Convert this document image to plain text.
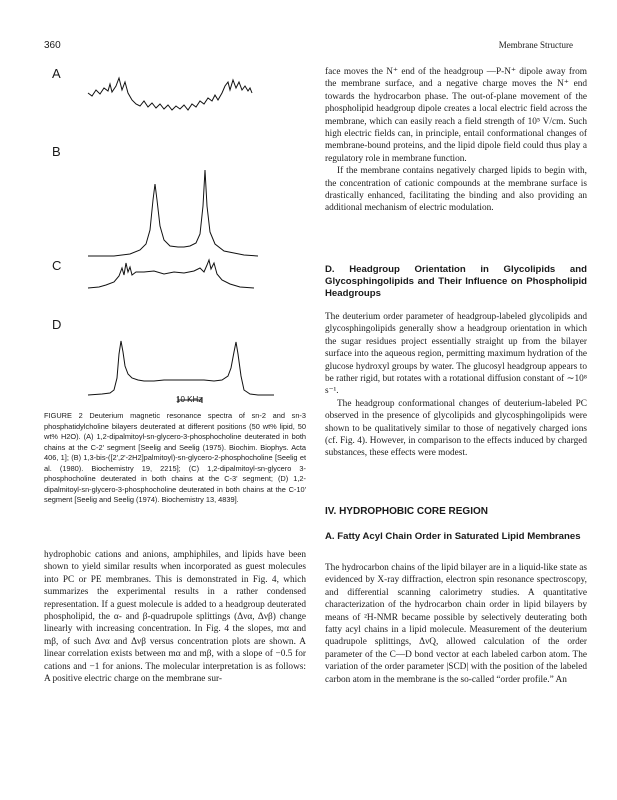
360	Membrane Structure
A
B
C
D
10 KHz

FIGURE 2 Deuterium magnetic resonance spectra of sn-2 and sn-3 phosphatidylcholine bilayers deuterated at different positions (50 wt% lipid, 50 wt% H2O). (A) 1,2-dipalmitoyl-sn-glycero-3-phosphocholine deuterated in both chains at the C-2' segment [Seelig and Seelig (1975). Biochim. Biophys. Acta 406, 1]; (B) 1,3-bis-([2',2'-2H2]palmitoyl)-sn-glycero-2-phosphocholine [Seelig et al. (1980). Biochemistry 19, 2215]; (C) 1,2-dipalmitoyl-sn-glycero 3-phosphocholine deuterated in both chains at the C-3' segment; (D) 1,2-dipalmitoyl-sn-glycero-3-phosphocholine deuterated in both chains at the C-10' segment [Seelig and Seelig (1974). Biochemistry 13, 4839].

hydrophobic cations and anions, amphiphiles, and lipids have been shown to yield similar results when incorporated as guest molecules into PC or PE membranes. This is demonstrated in Fig. 4, which summarizes the experimental results in a rather condensed representation. If a guest molecule is added to a headgroup deuterated phospholipid, the α- and β-quadrupole splittings (Δνα, Δνβ) change linearly with increasing concentration. In Fig. 4 the slopes, mα and mβ, of such Δνα and Δνβ versus concentration plots are shown. A linear correlation exists between mα and mβ, with a slope of −0.5 for cations and −1 for anions. The molecular interpretation is as follows: A positive electric charge on the membrane sur-

face moves the N⁺ end of the headgroup —P-N⁺ dipole away from the membrane surface, and a negative charge moves the N⁺ end towards the hydrocarbon phase. The out-of-plane movement of the phospholipid headgroup dipole creates a local electric field across the membrane, which can easily reach a field strength of 10⁵ V/cm. Such high electric fields can, in principle, entail conformational changes of membrane-bound proteins, and the lipid dipole field could thus play a regulatory role in membrane function.

If the membrane contains negatively charged lipids to begin with, the concentration of cationic compounds at the membrane surface is drastically enhanced, facilitating the binding and also providing an additional mechanism of electric modulation.

D. Headgroup Orientation in Glycolipids and Glycosphingolipids and Their Influence on Phospholipid Headgroups

The deuterium order parameter of headgroup-labeled glycolipids and glycosphingolipids generally show a headgroup orientation in which the sugar residues project essentially straight up from the bilayer surface into the aqueous region, permitting maximum hydration of the glucose hydroxyl groups by water. The glucosyl headgroup appears to be rather rigid, but rotates with a rotational diffusion constant of ∼10⁸ s⁻¹.

The headgroup conformational changes of deuterium-labeled PC observed in the presence of glycolipids and glycosphingolipids were shown to be qualitatively similar to those of negatively charged ions (cf. Fig. 4). However, in comparison to the effects induced by charged substances, these effects were modest.

IV. HYDROPHOBIC CORE REGION
A. Fatty Acyl Chain Order in Saturated Lipid Membranes

The hydrocarbon chains of the lipid bilayer are in a liquid-like state as evidenced by X-ray diffraction, electron spin resonance spectroscopy, and differential scanning calorimetry studies. A quantitative characterization of the hydrocarbon chain order in lipid bilayers by means of ²H-NMR became possible by selectively deuterating both fatty acyl chains in a lipid molecule. Measurement of the deuterium quadrupole splittings, ΔνQ, allowed calculation of the order parameter of the C—D bond vector at each labeled carbon atom. The variation of the order parameter |SCD| with the position of the labeled carbon atom in the membrane is the so-called “order profile.” An
